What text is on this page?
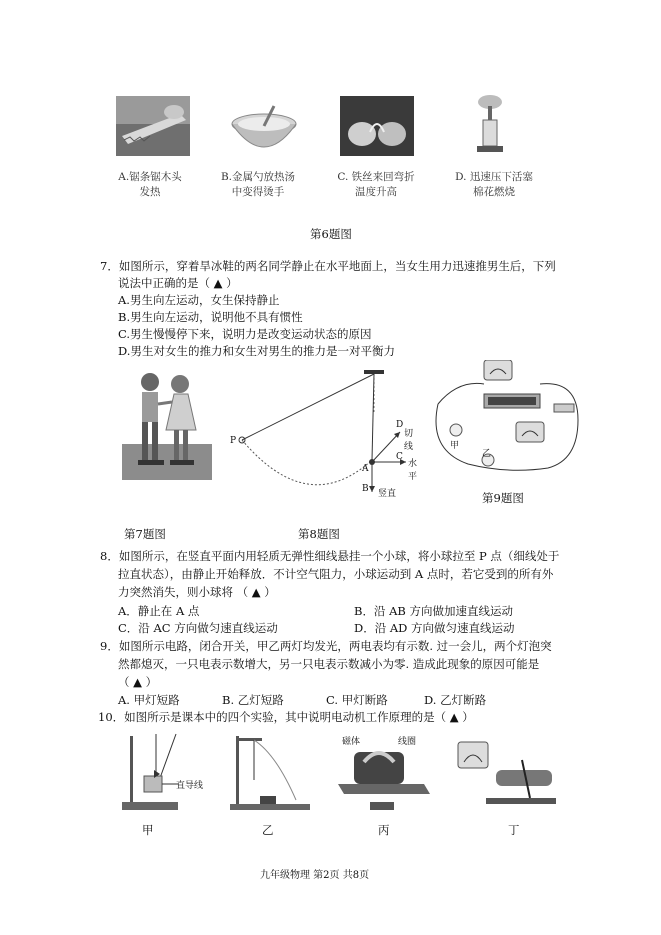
A.锯条锯木头
发热
B.金属勺放热汤
中变得烫手
C. 铁丝来回弯折
温度升高
D. 迅速压下活塞
棉花燃烧
第6题图
7．如图所示，穿着旱冰鞋的两名同学静止在水平地面上，当女生用力迅速推男生后，下列
说法中正确的是（ ▲ ）
A.男生向左运动，女生保持静止
B.男生向左运动，说明他不具有惯性
C.男生慢慢停下来，说明力是改变运动状态的原因
D.男生对女生的推力和女生对男生的推力是一对平衡力
P
A
D
C
B
切线
水平
竖直
甲
乙
第9题图
第7题图	第8题图
8．如图所示，在竖直平面内用轻质无弹性细线悬挂一个小球，将小球拉至 P 点（细线处于
拉直状态），由静止开始释放．不计空气阻力，小球运动到 A 点时，若它受到的所有外
力突然消失，则小球将 （ ▲ ）
A．静止在 A 点	B．沿 AB 方向做加速直线运动
C．沿 AC 方向做匀速直线运动	D．沿 AD 方向做匀速直线运动
9．如图所示电路，闭合开关，甲乙两灯均发光，两电表均有示数. 过一会儿，两个灯泡突
然都熄灭，一只电表示数增大，另一只电表示数减小为零. 造成此现象的原因可能是
（ ▲ ）
A. 甲灯短路	B. 乙灯短路	C. 甲灯断路	D. 乙灯断路
10．如图所示是课本中的四个实验，其中说明电动机工作原理的是（ ▲ ）
直导线
磁体	线圈
甲	乙	丙	丁
九年级物理 第2页 共8页
